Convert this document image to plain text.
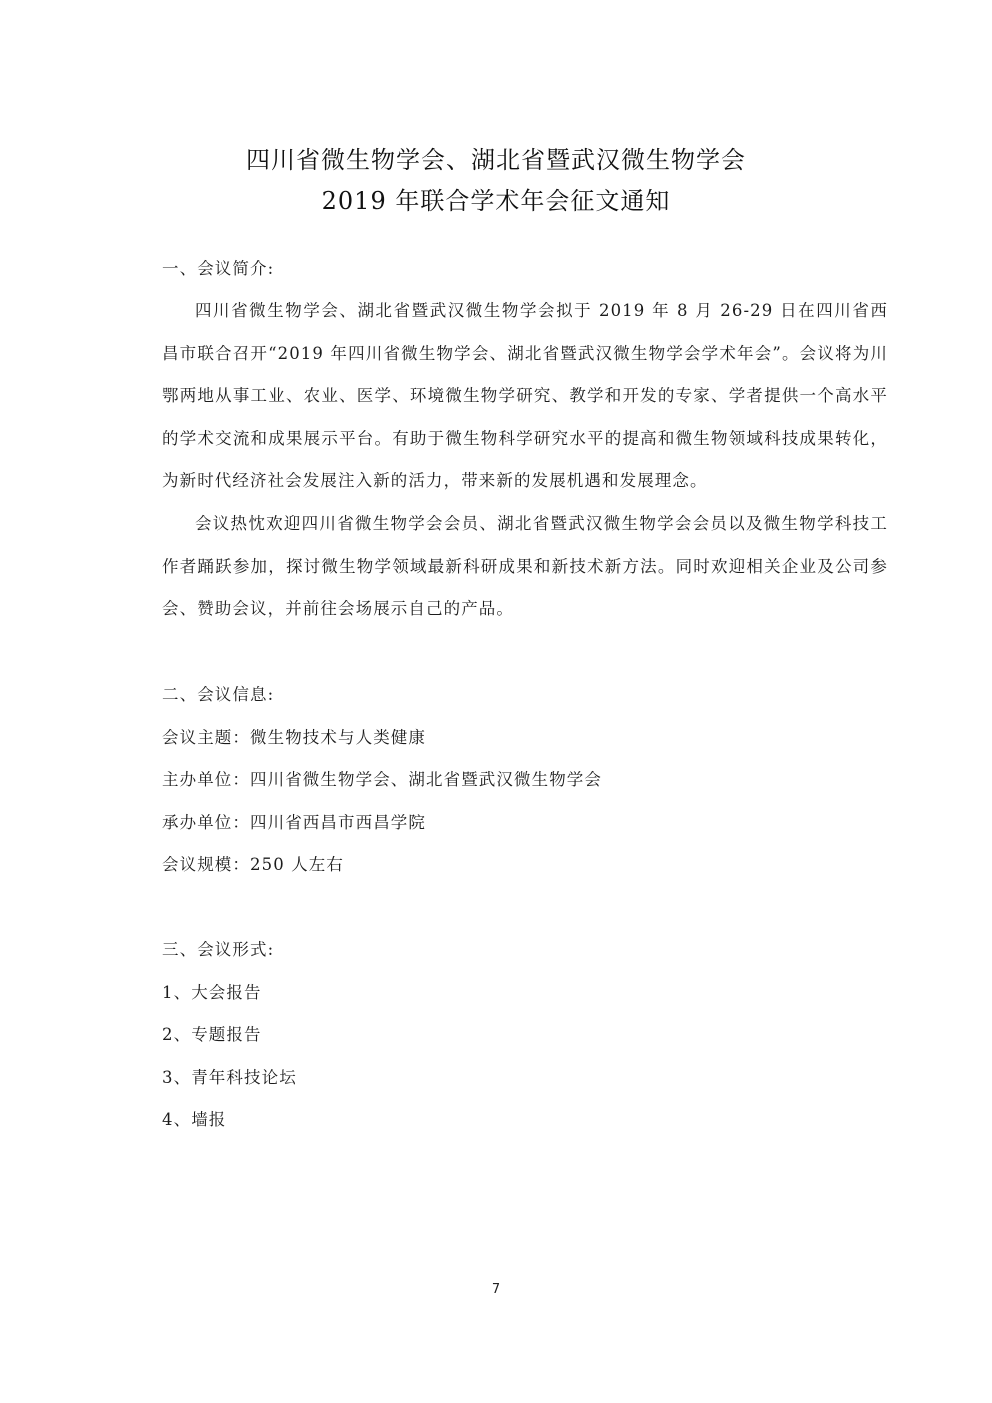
四川省微生物学会、湖北省暨武汉微生物学会
2019 年联合学术年会征文通知
一、会议简介:
四川省微生物学会、湖北省暨武汉微生物学会拟于 2019 年 8 月 26-29 日在四川省西昌市联合召开“2019 年四川省微生物学会、湖北省暨武汉微生物学会学术年会”。会议将为川鄂两地从事工业、农业、医学、环境微生物学研究、教学和开发的专家、学者提供一个高水平的学术交流和成果展示平台。有助于微生物科学研究水平的提高和微生物领域科技成果转化，为新时代经济社会发展注入新的活力，带来新的发展机遇和发展理念。
会议热忱欢迎四川省微生物学会会员、湖北省暨武汉微生物学会会员以及微生物学科技工作者踊跃参加，探讨微生物学领域最新科研成果和新技术新方法。同时欢迎相关企业及公司参会、赞助会议，并前往会场展示自己的产品。
二、会议信息:
会议主题：微生物技术与人类健康
主办单位：四川省微生物学会、湖北省暨武汉微生物学会
承办单位：四川省西昌市西昌学院
会议规模：250 人左右
三、会议形式:
1、大会报告
2、专题报告
3、青年科技论坛
4、墙报
7
